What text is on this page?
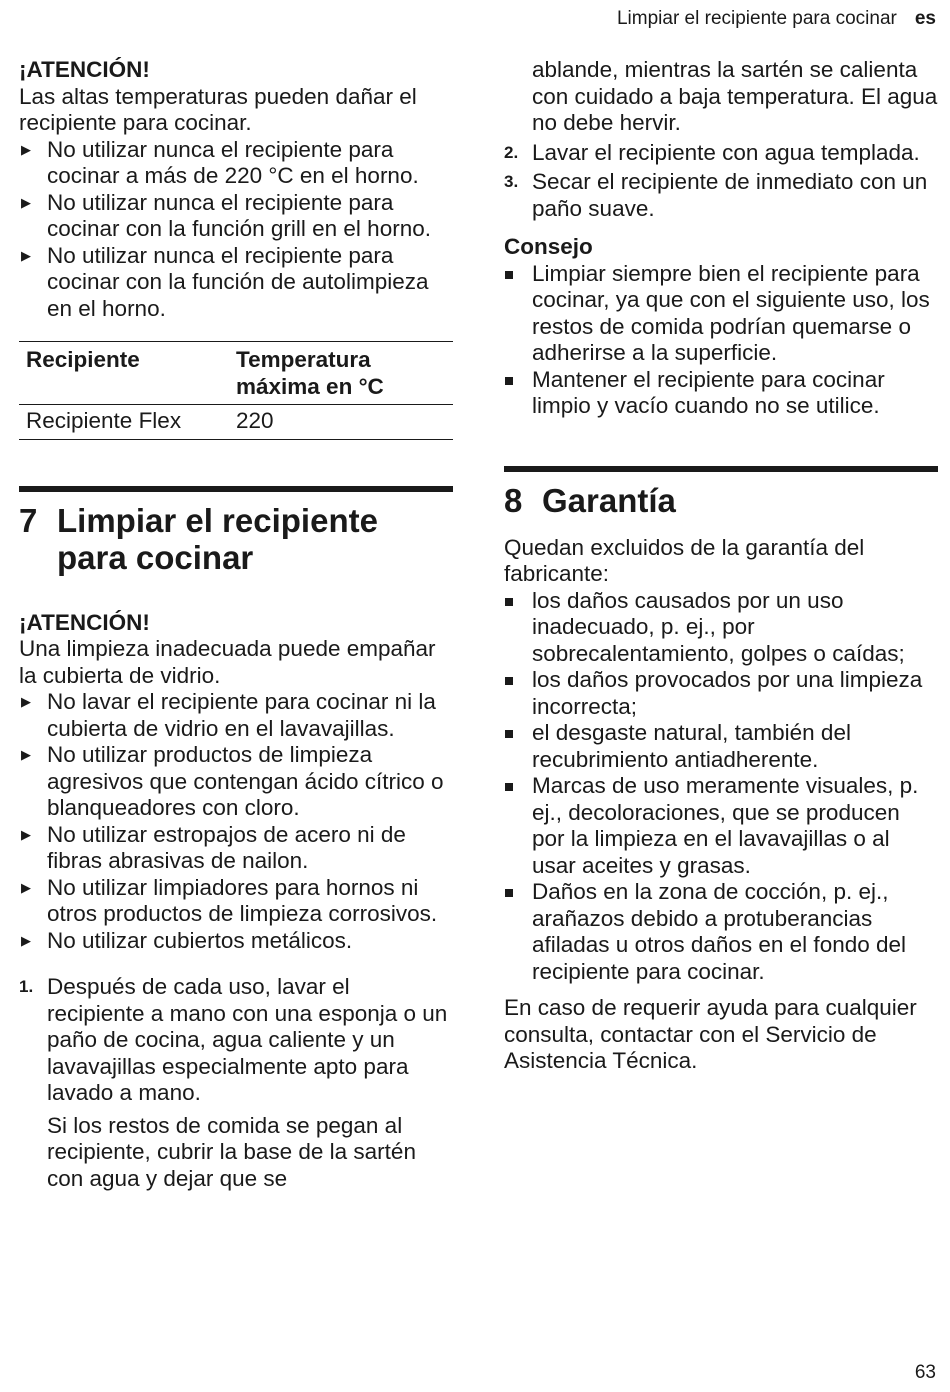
Limpiar el recipiente para cocinar es

¡ATENCIÓN!

Las altas temperaturas pueden dañar el recipiente para cocinar.

▶ No utilizar nunca el recipiente para cocinar a más de 220 °C en el horno.
▶ No utilizar nunca el recipiente para cocinar con la función grill en el horno.
▶ No utilizar nunca el recipiente para cocinar con la función de autolimpieza en el horno.
Recipiente	Temperatura
máxima en °C
Recipiente Flex	220
7 Limpiar el recipiente
para cocinar

¡ATENCIÓN!

Una limpieza inadecuada puede empañar la cubierta de vidrio.

▶ No lavar el recipiente para cocinar ni la cubierta de vidrio en el lavavajillas.
▶ No utilizar productos de limpieza agresivos que contengan ácido cítrico o blanqueadores con cloro.
▶ No utilizar estropajos de acero ni de fibras abrasivas de nailon.
▶ No utilizar limpiadores para hornos ni otros productos de limpieza corrosivos.
▶ No utilizar cubiertos metálicos.
1. Después de cada uso, lavar el recipiente a mano con una esponja o un paño de cocina, agua caliente y un lavavajillas especialmente apto para lavado a mano.

Si los restos de comida se pegan al recipiente, cubrir la base de la sartén con agua y dejar que se

ablande, mientras la sartén se calienta con cuidado a baja temperatura. El agua no debe hervir.

2. Lavar el recipiente con agua templada.
3. Secar el recipiente de inmediato con un paño suave.

Consejo

Limpiar siempre bien el recipiente para cocinar, ya que con el siguiente uso, los restos de comida podrían quemarse o adherirse a la superficie.
Mantener el recipiente para cocinar limpio y vacío cuando no se utilice.
8 Garantía

Quedan excluidos de la garantía del fabricante:

los daños causados por un uso inadecuado, p. ej., por sobrecalentamiento, golpes o caídas;
los daños provocados por una limpieza incorrecta;
el desgaste natural, también del recubrimiento antiadherente.
Marcas de uso meramente visuales, p. ej., decoloraciones, que se producen por la limpieza en el lavavajillas o al usar aceites y grasas.
Daños en la zona de cocción, p. ej., arañazos debido a protuberancias afiladas u otros daños en el fondo del recipiente para cocinar.

En caso de requerir ayuda para cualquier consulta, contactar con el Servicio de Asistencia Técnica.

63
